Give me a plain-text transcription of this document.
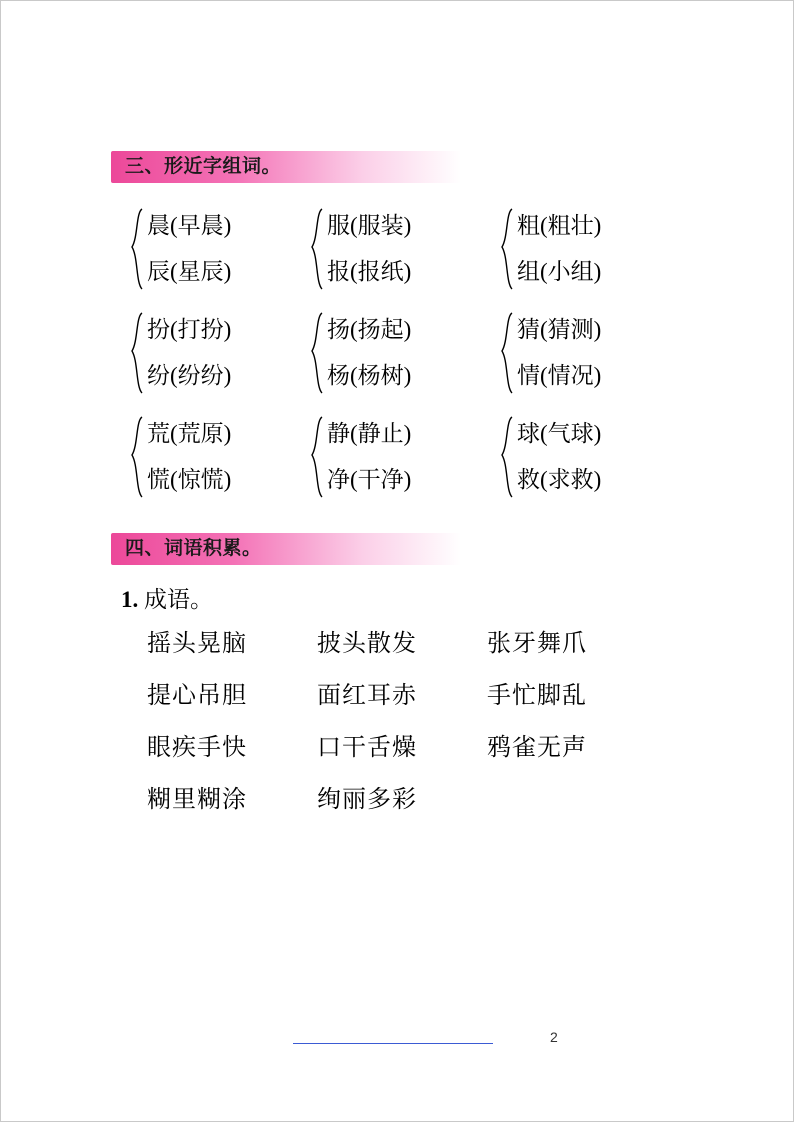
三、形近字组词。
晨(早晨)
辰(星辰)
服(服装)
报(报纸)
粗(粗壮)
组(小组)
扮(打扮)
纷(纷纷)
扬(扬起)
杨(杨树)
猜(猜测)
情(情况)
荒(荒原)
慌(惊慌)
静(静止)
净(干净)
球(气球)
救(求救)
四、词语积累。
1. 成语。
摇头晃脑	披头散发	张牙舞爪
提心吊胆	面红耳赤	手忙脚乱
眼疾手快	口干舌燥	鸦雀无声
糊里糊涂	绚丽多彩
2
